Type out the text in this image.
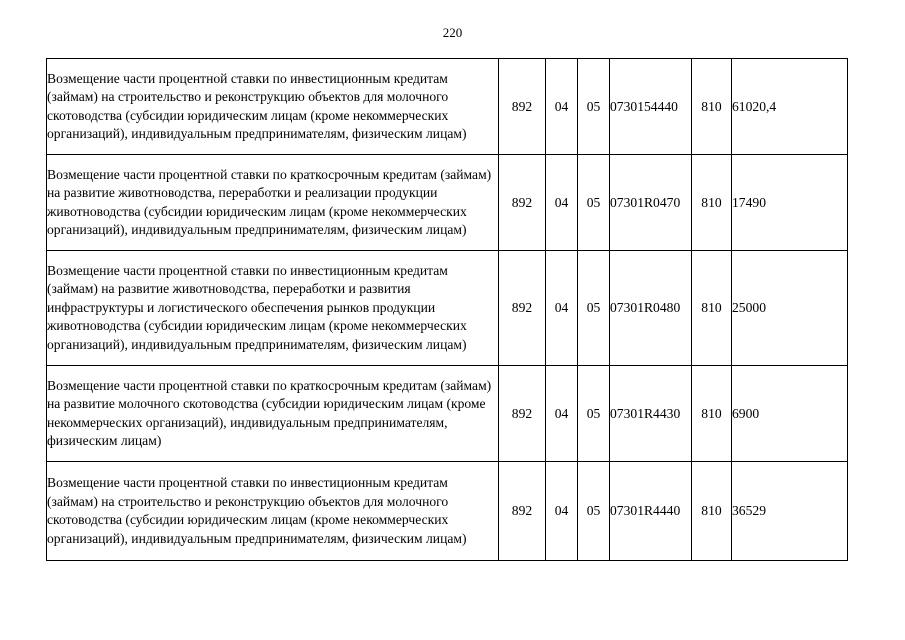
220
Возмещение части процентной ставки по инвестиционным кредитам (займам) на строительство и реконструкцию объектов для молочного скотоводства (субсидии юридическим лицам (кроме некоммерческих организаций), индивидуальным предпринимателям, физическим лицам)	892	04	05	0730154440	810	61020,4
Возмещение части процентной ставки по краткосрочным кредитам (займам) на развитие животноводства, переработки и реализации продукции животноводства (субсидии юридическим лицам (кроме некоммерческих организаций), индивидуальным предпринимателям, физическим лицам)	892	04	05	07301R0470	810	17490
Возмещение части процентной ставки по инвестиционным кредитам (займам) на развитие животноводства, переработки и развития инфраструктуры и логистического обеспечения рынков продукции животноводства (субсидии юридическим лицам (кроме некоммерческих организаций), индивидуальным предпринимателям, физическим лицам)	892	04	05	07301R0480	810	25000
Возмещение части процентной ставки по краткосрочным кредитам (займам) на развитие молочного скотоводства (субсидии юридическим лицам (кроме некоммерческих организаций), индивидуальным предпринимателям, физическим лицам)	892	04	05	07301R4430	810	6900
Возмещение части процентной ставки по инвестиционным кредитам (займам) на строительство и реконструкцию объектов для молочного скотоводства (субсидии юридическим лицам (кроме некоммерческих организаций), индивидуальным предпринимателям, физическим лицам)	892	04	05	07301R4440	810	36529
